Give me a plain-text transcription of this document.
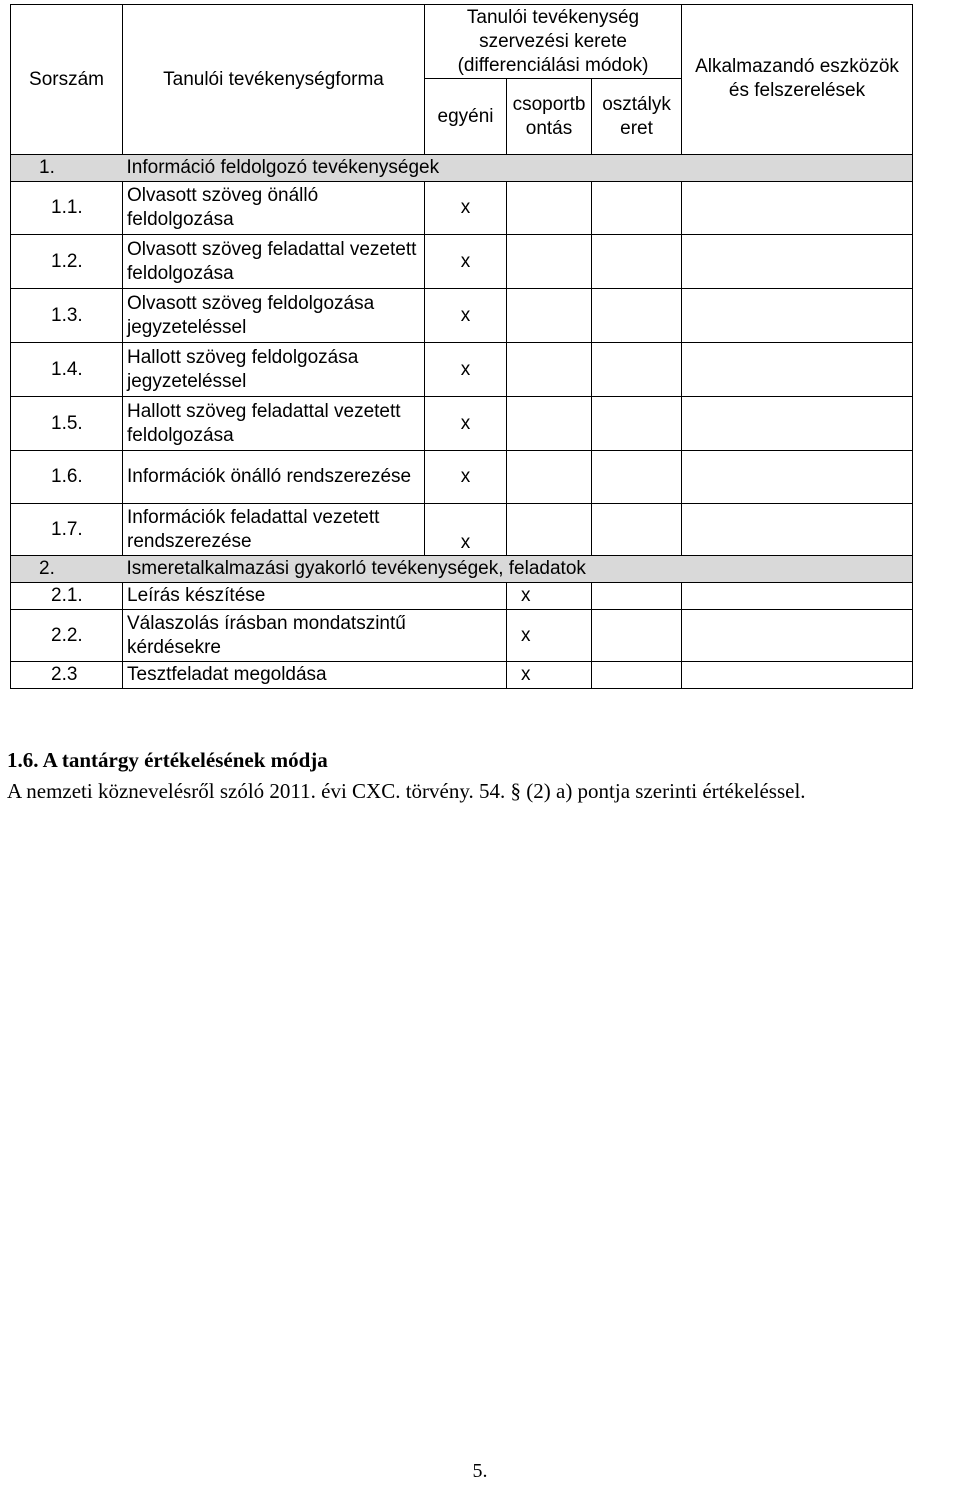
Sorszám	Tanulói tevékenységforma	Tanulói tevékenység szervezési kerete (differenciálási módok)			Alkalmazandó eszközök és felszerelések
		egyéni	csoportbontás	osztályk eret	
1.	Információ feldolgozó tevékenységek				
1.1.	Olvasott szöveg önálló feldolgozása	x			
1.2.	Olvasott szöveg feladattal vezetett feldolgozása	x			
1.3.	Olvasott szöveg feldolgozása jegyzeteléssel	x			
1.4.	Hallott szöveg feldolgozása jegyzeteléssel	x			
1.5.	Hallott szöveg feladattal vezetett feldolgozása	x			
1.6.	Információk önálló rendszerezése	x			
1.7.	Információk feladattal vezetett rendszerezése	x			
2.	Ismeretalkalmazási gyakorló tevékenységek, feladatok				
2.1.	Leírás készítése		x		
2.2.	Válaszolás írásban mondatszintű kérdésekre		x		
2.3	Tesztfeladat megoldása		x		
1.6. A tantárgy értékelésének módja
A nemzeti köznevelésről szóló 2011. évi CXC. törvény. 54. § (2) a) pontja szerinti értékeléssel.
5.
